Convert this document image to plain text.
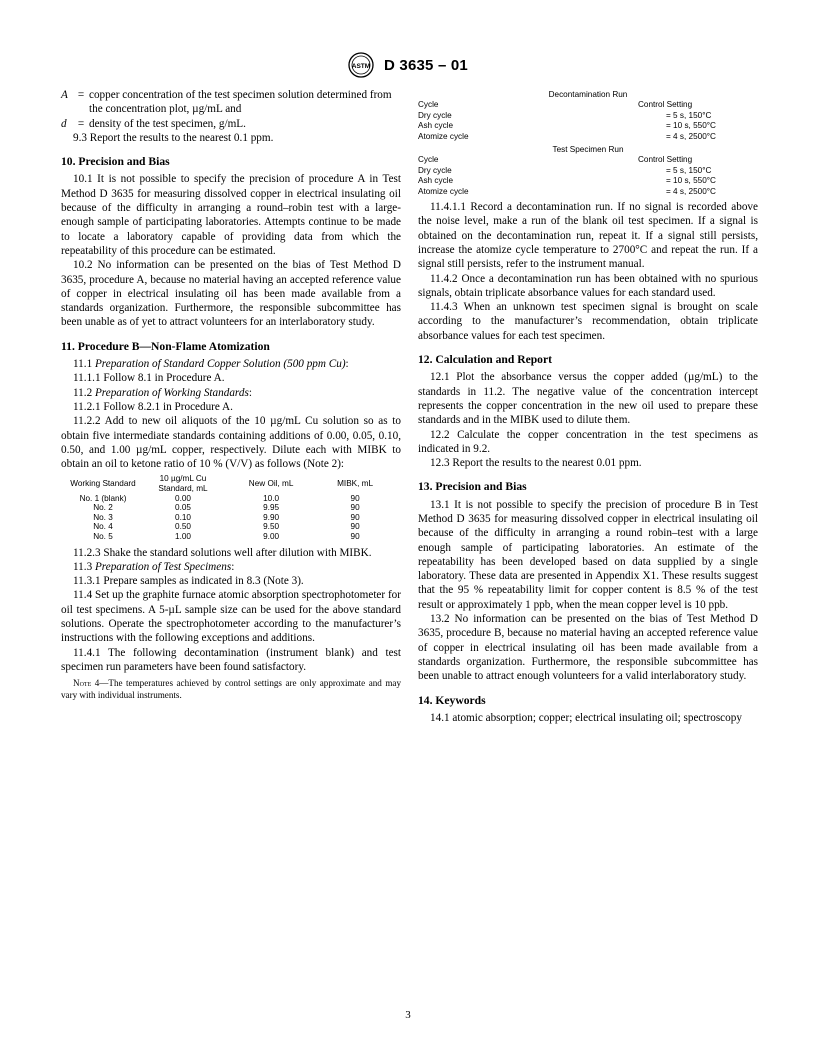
ASTM D 3635 – 01
A = copper concentration of the test specimen solution determined from the concentration plot, µg/mL and
d	= density of the test specimen, g/mL.

9.3 Report the results to the nearest 0.1 ppm.

10. Precision and Bias

10.1 It is not possible to specify the precision of procedure A in Test Method D 3635 for measuring dissolved copper in electrical insulating oil because of the difficulty in arranging a round–robin test with a large-enough sample of participating laboratories. Attempts continue to be made to locate a laboratory capable of providing data from which the repeatability of this procedure can be estimated.

10.2 No information can be presented on the bias of Test Method D 3635, procedure A, because no material having an accepted reference value of copper in electrical insulating oil has been made available from a standards organization. Furthermore, the responsible subcommittee has been unable as of yet to attract volunteers for an interlaboratory study.

11. Procedure B—Non-Flame Atomization

11.1 Preparation of Standard Copper Solution (500 ppm Cu):

11.1.1 Follow 8.1 in Procedure A.

11.2 Preparation of Working Standards:

11.2.1 Follow 8.2.1 in Procedure A.

11.2.2 Add to new oil aliquots of the 10 µg/mL Cu solution so as to obtain five intermediate standards containing additions of 0.00, 0.05, 0.10, 0.50, and 1.00 µg/mL copper, respectively. Dilute each with MIBK to obtain an oil to ketone ratio of 10 % (V/V) as follows (Note 2):

Working Standard	10 µg/mL Cu Standard, mL	New Oil, mL	MIBK, mL
No. 1 (blank)	0.00	10.0	90
No. 2	0.05	9.95	90
No. 3	0.10	9.90	90
No. 4	0.50	9.50	90
No. 5	1.00	9.00	90

11.2.3 Shake the standard solutions well after dilution with MIBK.

11.3 Preparation of Test Specimens:

11.3.1 Prepare samples as indicated in 8.3 (Note 3).

11.4 Set up the graphite furnace atomic absorption spectrophotometer for oil test specimens. A 5-µL sample size can be used for the above standard solutions. Operate the spectrophotometer according to the manufacturer’s instructions with the following exceptions and additions.

11.4.1 The following decontamination (instrument blank) and test specimen run parameters have been found satisfactory.

Note 4—The temperatures achieved by control settings are only approximate and may vary with individual instruments.

Decontamination Run
Cycle	Control Setting
Dry cycle	= 5 s, 150°C
Ash cycle	= 10 s, 550°C
Atomize cycle	= 4 s, 2500°C
Test Specimen Run
Cycle	Control Setting
Dry cycle	= 5 s, 150°C
Ash cycle	= 10 s, 550°C
Atomize cycle	= 4 s, 2500°C

11.4.1.1 Record a decontamination run. If no signal is recorded above the noise level, make a run of the blank oil test specimen. If a signal is obtained on the decontamination run, repeat it. If a signal still persists, increase the atomize cycle temperature to 2700°C and repeat the run. If a signal still persists, refer to the instrument manual.

11.4.2 Once a decontamination run has been obtained with no spurious signals, obtain triplicate absorbance values for each standard used.

11.4.3 When an unknown test specimen signal is brought on scale according to the manufacturer’s recommendation, obtain triplicate absorbance values for each test specimen.

12. Calculation and Report

12.1 Plot the absorbance versus the copper added (µg/mL) to the standards in 11.2. The negative value of the concentration intercept represents the copper concentration in the new oil used to prepare these standards and in the MIBK used to dilute them.

12.2 Calculate the copper concentration in the test specimens as indicated in 9.2.

12.3 Report the results to the nearest 0.01 ppm.

13. Precision and Bias

13.1 It is not possible to specify the precision of procedure B in Test Method D 3635 for measuring dissolved copper in electrical insulating oil because of the difficulty in arranging a round robin–test with a large enough sample of participating laboratories. An estimate of the repeatability has been developed based on data supplied by a single laboratory. These data are presented in Appendix X1. These results suggest that the 95 % repeatability limit for copper content is 8.5 % of the test result or approximately 1 ppb, when the mean copper level is 10 ppb.

13.2 No information can be presented on the bias of Test Method D 3635, procedure B, because no material having an accepted reference value of copper in electrical insulating oil has been made available from a standards organization. Furthermore, the responsible subcommittee has been unable to attract enough volunteers for a valid interlaboratory study.

14. Keywords

14.1 atomic absorption; copper; electrical insulating oil; spectroscopy

3
